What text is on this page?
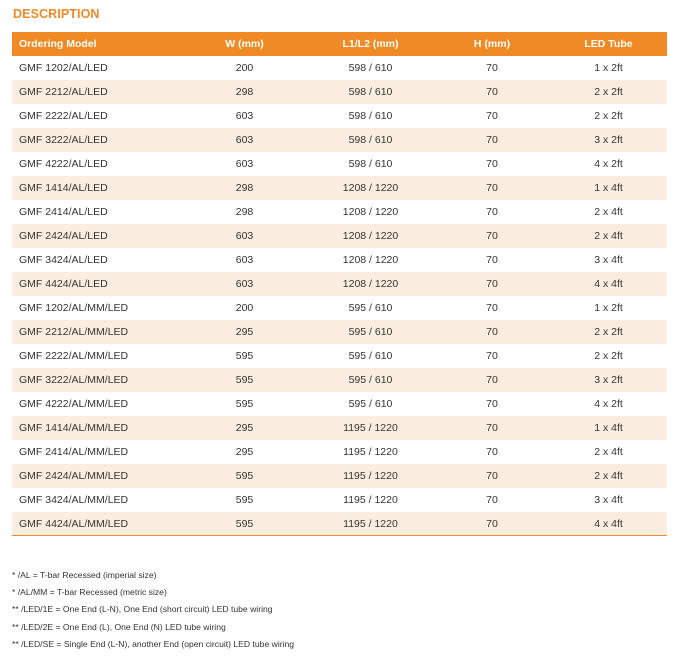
DESCRIPTION
Ordering Model	W (mm)	L1/L2 (mm)	H (mm)	LED Tube
GMF 1202/AL/LED	200	598 / 610	70	1 x 2ft
GMF 2212/AL/LED	298	598 / 610	70	2 x 2ft
GMF 2222/AL/LED	603	598 / 610	70	2 x 2ft
GMF 3222/AL/LED	603	598 / 610	70	3 x 2ft
GMF 4222/AL/LED	603	598 / 610	70	4 x 2ft
GMF 1414/AL/LED	298	1208 / 1220	70	1 x 4ft
GMF 2414/AL/LED	298	1208 / 1220	70	2 x 4ft
GMF 2424/AL/LED	603	1208 / 1220	70	2 x 4ft
GMF 3424/AL/LED	603	1208 / 1220	70	3 x 4ft
GMF 4424/AL/LED	603	1208 / 1220	70	4 x 4ft
GMF 1202/AL/MM/LED	200	595 / 610	70	1 x 2ft
GMF 2212/AL/MM/LED	295	595 / 610	70	2 x 2ft
GMF 2222/AL/MM/LED	595	595 / 610	70	2 x 2ft
GMF 3222/AL/MM/LED	595	595 / 610	70	3 x 2ft
GMF 4222/AL/MM/LED	595	595 / 610	70	4 x 2ft
GMF 1414/AL/MM/LED	295	1195 / 1220	70	1 x 4ft
GMF 2414/AL/MM/LED	295	1195 / 1220	70	2 x 4ft
GMF 2424/AL/MM/LED	595	1195 / 1220	70	2 x 4ft
GMF 3424/AL/MM/LED	595	1195 / 1220	70	3 x 4ft
GMF 4424/AL/MM/LED	595	1195 / 1220	70	4 x 4ft
* /AL = T-bar Recessed (imperial size)
* /AL/MM = T-bar Recessed (metric size)
** /LED/1E = One End (L-N), One End (short circuit) LED tube wiring
** /LED/2E = One End (L), One End (N) LED tube wiring
** /LED/SE = Single End (L-N), another End (open circuit) LED tube wiring
